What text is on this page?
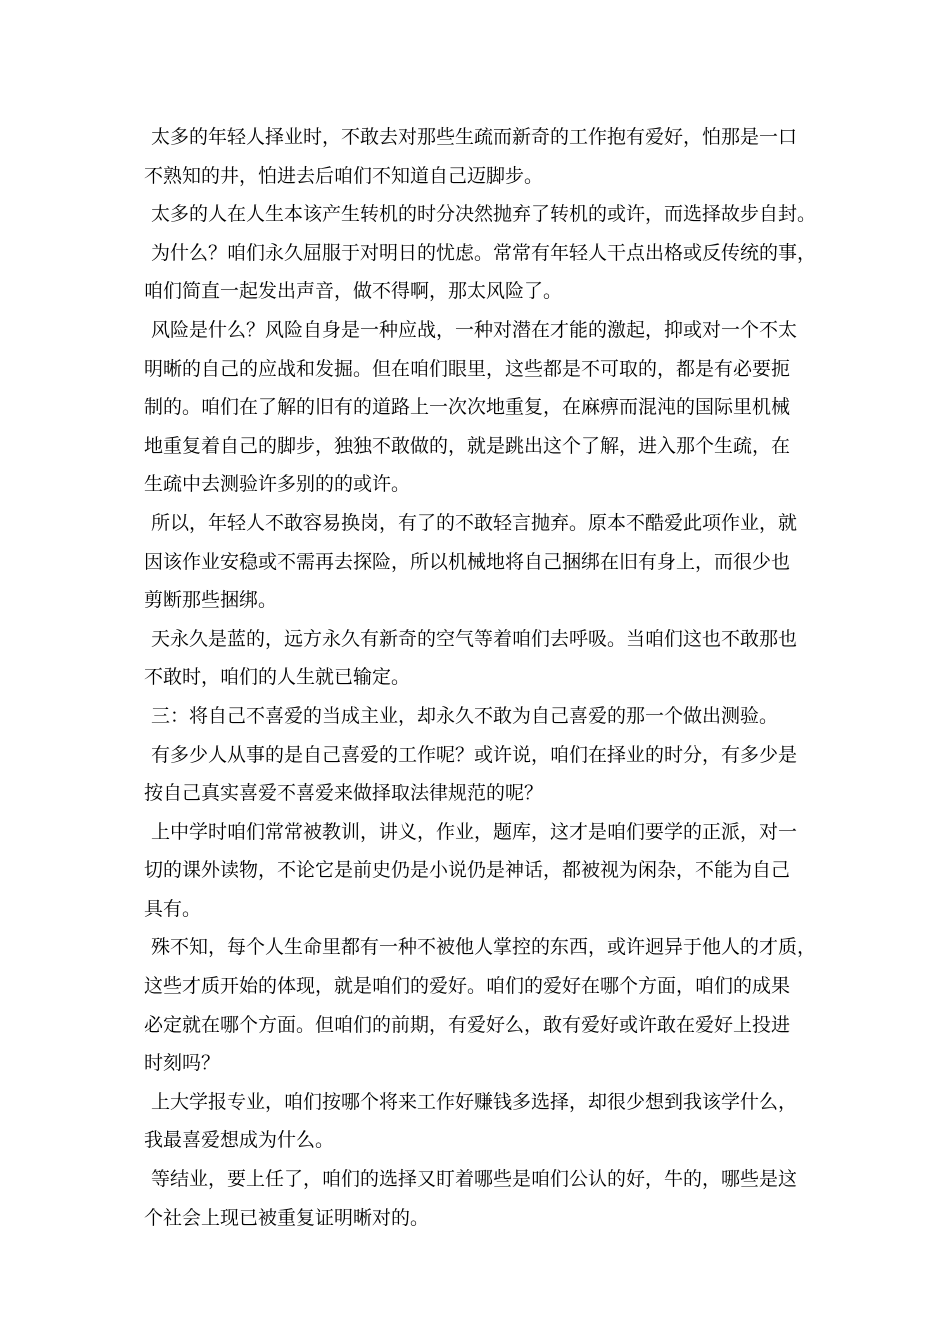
太多的年轻人择业时，不敢去对那些生疏而新奇的工作抱有爱好，怕那是一口
不熟知的井，怕进去后咱们不知道自己迈脚步。
太多的人在人生本该产生转机的时分决然抛弃了转机的或许，而选择故步自封。
为什么？咱们永久屈服于对明日的忧虑。常常有年轻人干点出格或反传统的事，
咱们简直一起发出声音，做不得啊，那太风险了。
风险是什么？风险自身是一种应战，一种对潜在才能的激起，抑或对一个不太
明晰的自己的应战和发掘。但在咱们眼里，这些都是不可取的，都是有必要扼
制的。咱们在了解的旧有的道路上一次次地重复，在麻痹而混沌的国际里机械
地重复着自己的脚步，独独不敢做的，就是跳出这个了解，进入那个生疏，在
生疏中去测验许多别的的或许。
所以，年轻人不敢容易换岗，有了的不敢轻言抛弃。原本不酷爱此项作业，就
因该作业安稳或不需再去探险，所以机械地将自己捆绑在旧有身上，而很少也
剪断那些捆绑。
天永久是蓝的，远方永久有新奇的空气等着咱们去呼吸。当咱们这也不敢那也
不敢时，咱们的人生就已输定。
三：将自己不喜爱的当成主业，却永久不敢为自己喜爱的那一个做出测验。
有多少人从事的是自己喜爱的工作呢？或许说，咱们在择业的时分，有多少是
按自己真实喜爱不喜爱来做择取法律规范的呢？
上中学时咱们常常被教训，讲义，作业，题库，这才是咱们要学的正派，对一
切的课外读物，不论它是前史仍是小说仍是神话，都被视为闲杂，不能为自己
具有。
殊不知，每个人生命里都有一种不被他人掌控的东西，或许迥异于他人的才质，
这些才质开始的体现，就是咱们的爱好。咱们的爱好在哪个方面，咱们的成果
必定就在哪个方面。但咱们的前期，有爱好么，敢有爱好或许敢在爱好上投进
时刻吗？
上大学报专业，咱们按哪个将来工作好赚钱多选择，却很少想到我该学什么，
我最喜爱想成为什么。
等结业，要上任了，咱们的选择又盯着哪些是咱们公认的好，牛的，哪些是这
个社会上现已被重复证明晰对的。
